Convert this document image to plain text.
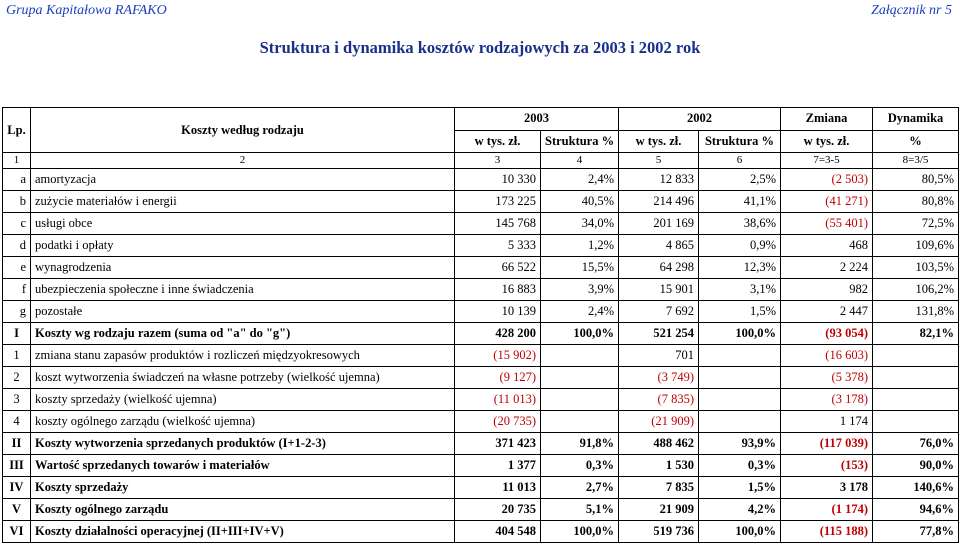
Grupa Kapitałowa RAFAKO	Załącznik nr 5
Struktura i dynamika kosztów rodzajowych za 2003 i 2002 rok
Lp.	Koszty według rodzaju	2003		2002		Zmiana	Dynamika
		w tys. zł.	Struktura %	w tys. zł.	Struktura %	w tys. zł.	%
1	2	3	4	5	6	7=3-5	8=3/5
a	amortyzacja	10 330	2,4%	12 833	2,5%	(2 503)	80,5%
b	zużycie materiałów i energii	173 225	40,5%	214 496	41,1%	(41 271)	80,8%
c	usługi obce	145 768	34,0%	201 169	38,6%	(55 401)	72,5%
d	podatki i opłaty	5 333	1,2%	4 865	0,9%	468	109,6%
e	wynagrodzenia	66 522	15,5%	64 298	12,3%	2 224	103,5%
f	ubezpieczenia społeczne i inne świadczenia	16 883	3,9%	15 901	3,1%	982	106,2%
g	pozostałe	10 139	2,4%	7 692	1,5%	2 447	131,8%
I	Koszty wg rodzaju razem (suma od "a" do "g")	428 200	100,0%	521 254	100,0%	(93 054)	82,1%
1	zmiana stanu zapasów produktów i rozliczeń międzyokresowych	(15 902)		701		(16 603)	
2	koszt wytworzenia świadczeń na własne potrzeby (wielkość ujemna)	(9 127)		(3 749)		(5 378)	
3	koszty sprzedaży (wielkość ujemna)	(11 013)		(7 835)		(3 178)	
4	koszty ogólnego zarządu (wielkość ujemna)	(20 735)		(21 909)		1 174	
II	Koszty wytworzenia sprzedanych produktów (I+1-2-3)	371 423	91,8%	488 462	93,9%	(117 039)	76,0%
III	Wartość sprzedanych towarów i materiałów	1 377	0,3%	1 530	0,3%	(153)	90,0%
IV	Koszty sprzedaży	11 013	2,7%	7 835	1,5%	3 178	140,6%
V	Koszty ogólnego zarządu	20 735	5,1%	21 909	4,2%	(1 174)	94,6%
VI	Koszty działalności operacyjnej (II+III+IV+V)	404 548	100,0%	519 736	100,0%	(115 188)	77,8%
